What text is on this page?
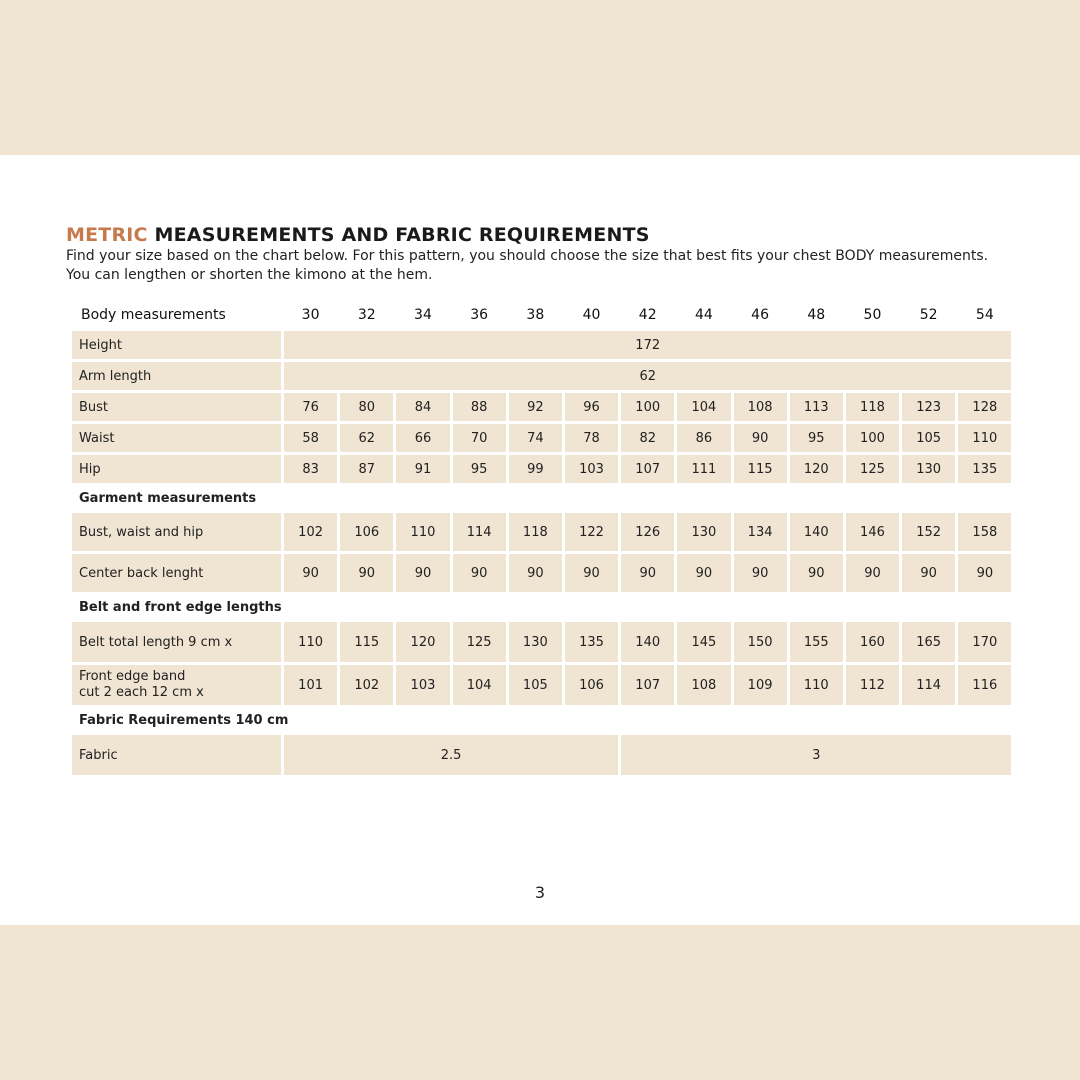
METRIC MEASUREMENTS AND FABRIC REQUIREMENTS
Find your size based on the chart below. For this pattern, you should choose the size that best fits your chest BODY measurements.
You can lengthen or shorten the kimono at the hem.
Body measurements	30	32	34	36	38	40	42	44	46	48	50	52	54
Height	172												
Arm length	62												
Bust	76	80	84	88	92	96	100	104	108	113	118	123	128
Waist	58	62	66	70	74	78	82	86	90	95	100	105	110
Hip	83	87	91	95	99	103	107	111	115	120	125	130	135
Garment measurements													
Bust, waist and hip	102	106	110	114	118	122	126	130	134	140	146	152	158
Center back lenght	90	90	90	90	90	90	90	90	90	90	90	90	90
Belt and front edge lengths													
Belt total length 9 cm x	110	115	120	125	130	135	140	145	150	155	160	165	170

Front edge band
cut 2 each 12 cm x	101	102	103	104	105	106	107	108	109	110	112	114	116
Fabric Requirements 140 cm													
Fabric	2.5						3						
3
